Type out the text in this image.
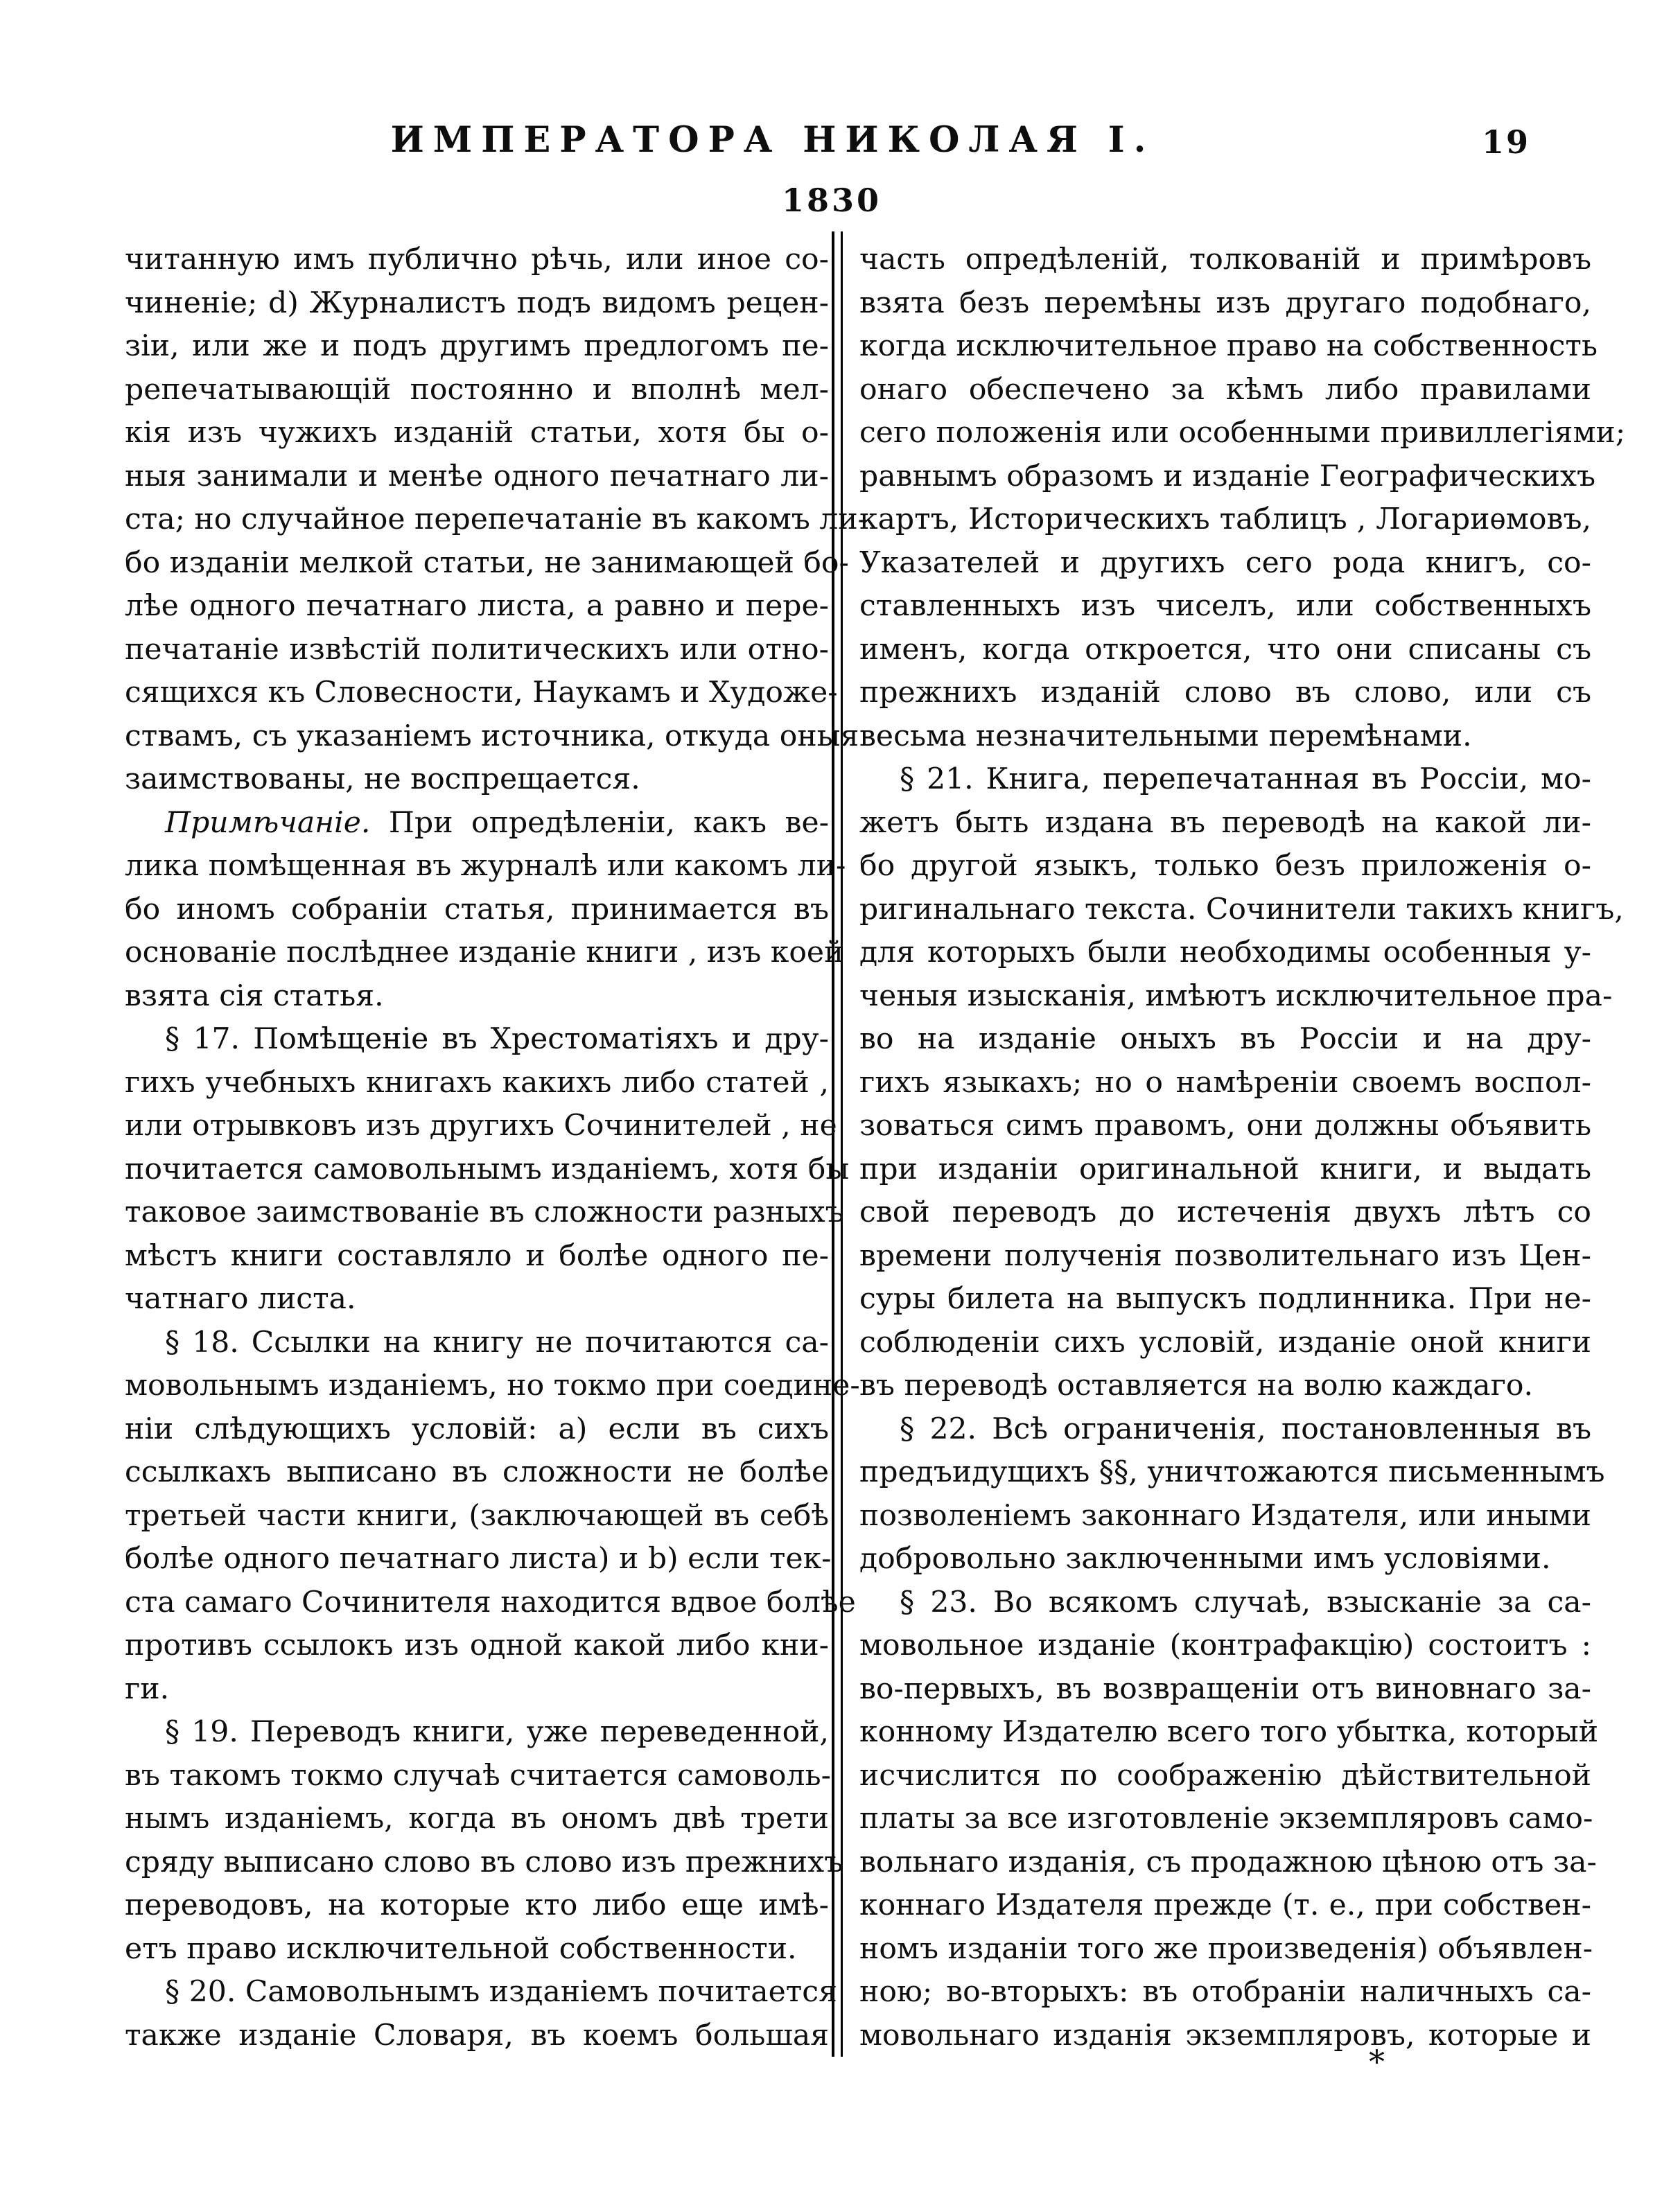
ИМПЕРАТОРА НИКОЛАЯ I.	19
1830
читанную имъ публично рѣчь, или иное со-
чиненіе; d) Журналистъ подъ видомъ рецен-
зіи, или же и подъ другимъ предлогомъ пе-
репечатывающій постоянно и вполнѣ мел-
кія изъ чужихъ изданій статьи, хотя бы о-
ныя занимали и менѣе одного печатнаго ли-
ста; но случайное перепечатаніе въ какомъ ли-
бо изданіи мелкой статьи, не занимающей бо-
лѣе одного печатнаго листа, а равно и пере-
печатаніе извѣстій политическихъ или отно-
сящихся къ Словесности, Наукамъ и Художе-
ствамъ, съ указаніемъ источника, откуда оныя
заимствованы, не воспрещается.
Примѣчаніе. При опредѣленіи, какъ ве-
лика помѣщенная въ журналѣ или какомъ ли-
бо иномъ собраніи статья, принимается въ
основаніе послѣднее изданіе книги , изъ коей
взята сія статья.
§ 17. Помѣщеніе въ Хрестоматіяхъ и дру-
гихъ учебныхъ книгахъ какихъ либо статей ,
или отрывковъ изъ другихъ Сочинителей , не
почитается самовольнымъ изданіемъ, хотя бы
таковое заимствованіе въ сложности разныхъ
мѣстъ книги составляло и болѣе одного пе-
чатнаго листа.
§ 18. Ссылки на книгу не почитаются са-
мовольнымъ изданіемъ, но токмо при соедине-
ніи слѣдующихъ условій: а) если въ сихъ
ссылкахъ выписано въ сложности не болѣе
третьей части книги, (заключающей въ себѣ
болѣе одного печатнаго листа) и b) если тек-
ста самаго Сочинителя находится вдвое болѣе
противъ ссылокъ изъ одной какой либо кни-
ги.
§ 19. Переводъ книги, уже переведенной,
въ такомъ токмо случаѣ считается самоволь-
нымъ изданіемъ, когда въ ономъ двѣ трети
сряду выписано слово въ слово изъ прежнихъ
переводовъ, на которые кто либо еще имѣ-
етъ право исключительной собственности.
§ 20. Самовольнымъ изданіемъ почитается
также изданіе Словаря, въ коемъ большая
часть опредѣленій, толкованій и примѣровъ
взята безъ перемѣны изъ другаго подобнаго,
когда исключительное право на собственность
онаго обеспечено за кѣмъ либо правилами
сего положенія или особенными привиллегіями;
равнымъ образомъ и изданіе Географическихъ
картъ, Историческихъ таблицъ , Логариѳмовъ,
Указателей и другихъ сего рода книгъ, со-
ставленныхъ изъ чиселъ, или собственныхъ
именъ, когда откроется, что они списаны съ
прежнихъ изданій слово въ слово, или съ
весьма незначительными перемѣнами.
§ 21. Книга, перепечатанная въ Россіи, мо-
жетъ быть издана въ переводѣ на какой ли-
бо другой языкъ, только безъ приложенія о-
ригинальнаго текста. Сочинители такихъ книгъ,
для которыхъ были необходимы особенныя у-
ченыя изысканія, имѣютъ исключительное пра-
во на изданіе оныхъ въ Россіи и на дру-
гихъ языкахъ; но о намѣреніи своемъ воспол-
зоваться симъ правомъ, они должны объявить
при изданіи оригинальной книги, и выдать
свой переводъ до истеченія двухъ лѣтъ со
времени полученія позволительнаго изъ Цен-
суры билета на выпускъ подлинника. При не-
соблюденіи сихъ условій, изданіе оной книги
въ переводѣ оставляется на волю каждаго.
§ 22. Всѣ ограниченія, постановленныя въ
предъидущихъ §§, уничтожаются письменнымъ
позволеніемъ законнаго Издателя, или иными
добровольно заключенными имъ условіями.
§ 23. Во всякомъ случаѣ, взысканіе за са-
мовольное изданіе (контрафакцію) состоитъ :
во-первыхъ, въ возвращеніи отъ виновнаго за-
конному Издателю всего того убытка, который
исчислится по соображенію дѣйствительной
платы за все изготовленіе экземпляровъ само-
вольнаго изданія, съ продажною цѣною отъ за-
коннаго Издателя прежде (т. е., при собствен-
номъ изданіи того же произведенія) объявлен-
ною; во-вторыхъ: въ отобраніи наличныхъ са-
мовольнаго изданія экземпляровъ, которые и
*
